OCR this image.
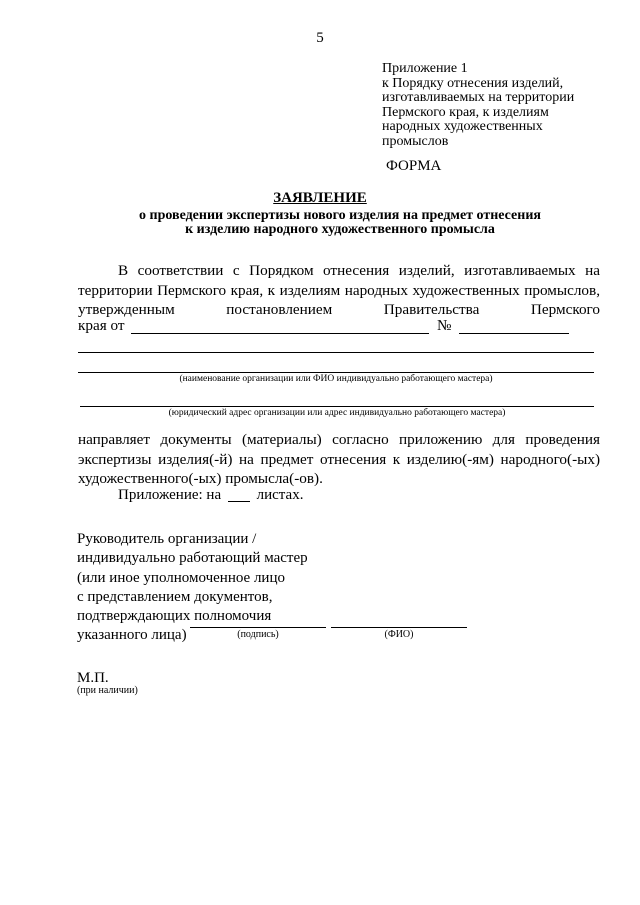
5
Приложение 1
к Порядку отнесения изделий,
изготавливаемых на территории
Пермского края, к изделиям
народных художественных
промыслов
ФОРМА
ЗАЯВЛЕНИЕ
о проведении экспертизы нового изделия на предмет отнесения
к изделию народного художественного промысла
В соответствии с Порядком отнесения изделий, изготавливаемых на территории Пермского края, к изделиям народных художественных промыслов, утвержденным постановлением Правительства Пермского
края от	№
(наименование организации или ФИО индивидуально работающего мастера)
(юридический адрес организации или адрес индивидуально работающего мастера)
направляет документы (материалы) согласно приложению для проведения экспертизы изделия(-й) на предмет отнесения к изделию(-ям) народного(-ых) художественного(-ых) промысла(-ов).
Приложение: на листах.
Руководитель организации /
индивидуально работающий мастер
(или иное уполномоченное лицо
с представлением документов,
подтверждающих полномочия
указанного лица)	(подпись)	(ФИО)
М.П.
(при наличии)
